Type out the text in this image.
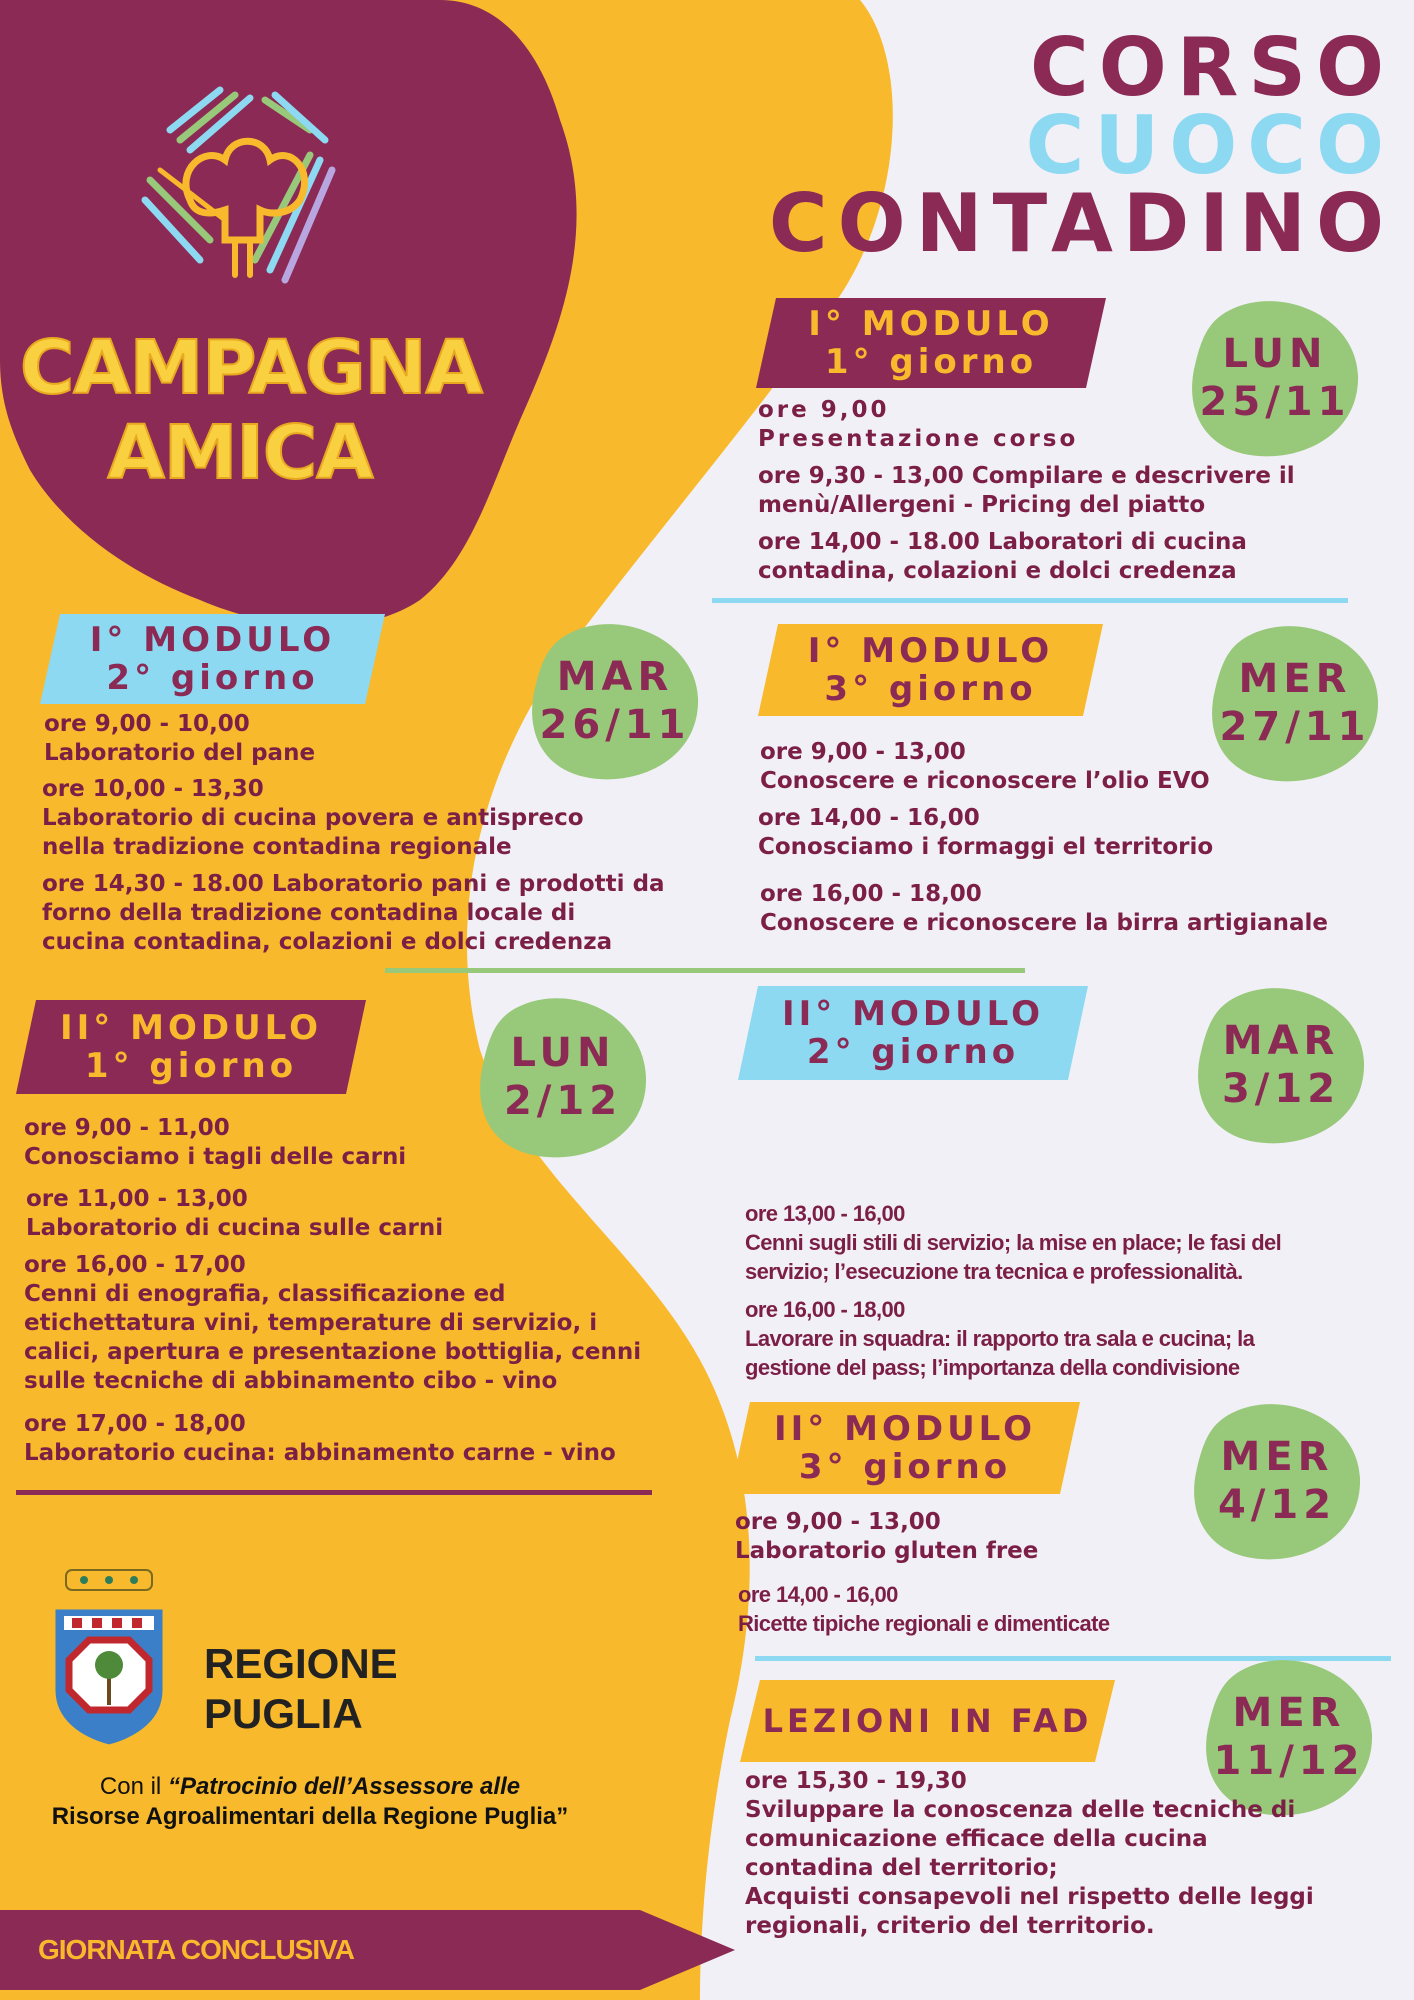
CAMPAGNA
AMICA
CORSO
CUOCO
CONTADINO
I° MODULO
1° giorno	LUN
25/11
ore 9,00
Presentazione corso
ore 9,30 - 13,00 Compilare e descrivere il
menù/Allergeni - Pricing del piatto
ore 14,00 - 18.00 Laboratori di cucina
contadina, colazioni e dolci credenza
I° MODULO
2° giorno	MAR
26/11
ore 9,00 - 10,00
Laboratorio del pane
ore 10,00 - 13,30
Laboratorio di cucina povera e antispreco
nella tradizione contadina regionale
ore 14,30 - 18.00 Laboratorio pani e prodotti da
forno della tradizione contadina locale di
cucina contadina, colazioni e dolci credenza
I° MODULO
3° giorno	MER
27/11
ore 9,00 - 13,00
Conoscere e riconoscere l’olio EVO
ore 14,00 - 16,00
Conosciamo i formaggi el territorio
ore 16,00 - 18,00
Conoscere e riconoscere la birra artigianale
II° MODULO
1° giorno	LUN
2/12
ore 9,00 - 11,00
Conosciamo i tagli delle carni
ore 11,00 - 13,00
Laboratorio di cucina sulle carni
ore 16,00 - 17,00
Cenni di enografia, classificazione ed
etichettatura vini, temperature di servizio, i
calici, apertura e presentazione bottiglia, cenni
sulle tecniche di abbinamento cibo - vino
ore 17,00 - 18,00
Laboratorio cucina: abbinamento carne - vino
II° MODULO
2° giorno	MAR
3/12
ore 13,00 - 16,00
Cenni sugli stili di servizio; la mise en place; le fasi del
servizio; l’esecuzione tra tecnica e professionalità.
ore 16,00 - 18,00
Lavorare in squadra: il rapporto tra sala e cucina; la
gestione del pass; l’importanza della condivisione
II° MODULO
3° giorno	MER
4/12
ore 9,00 - 13,00
Laboratorio gluten free
ore 14,00 - 16,00
Ricette tipiche regionali e dimenticate
LEZIONI IN FAD	MER
11/12
ore 15,30 - 19,30
Sviluppare la conoscenza delle tecniche di
comunicazione efficace della cucina
contadina del territorio;
Acquisti consapevoli nel rispetto delle leggi
regionali, criterio del territorio.
REGIONE
PUGLIA
Con il “Patrocinio dell’Assessore alle
Risorse Agroalimentari della Regione Puglia”
GIORNATA CONCLUSIVA
